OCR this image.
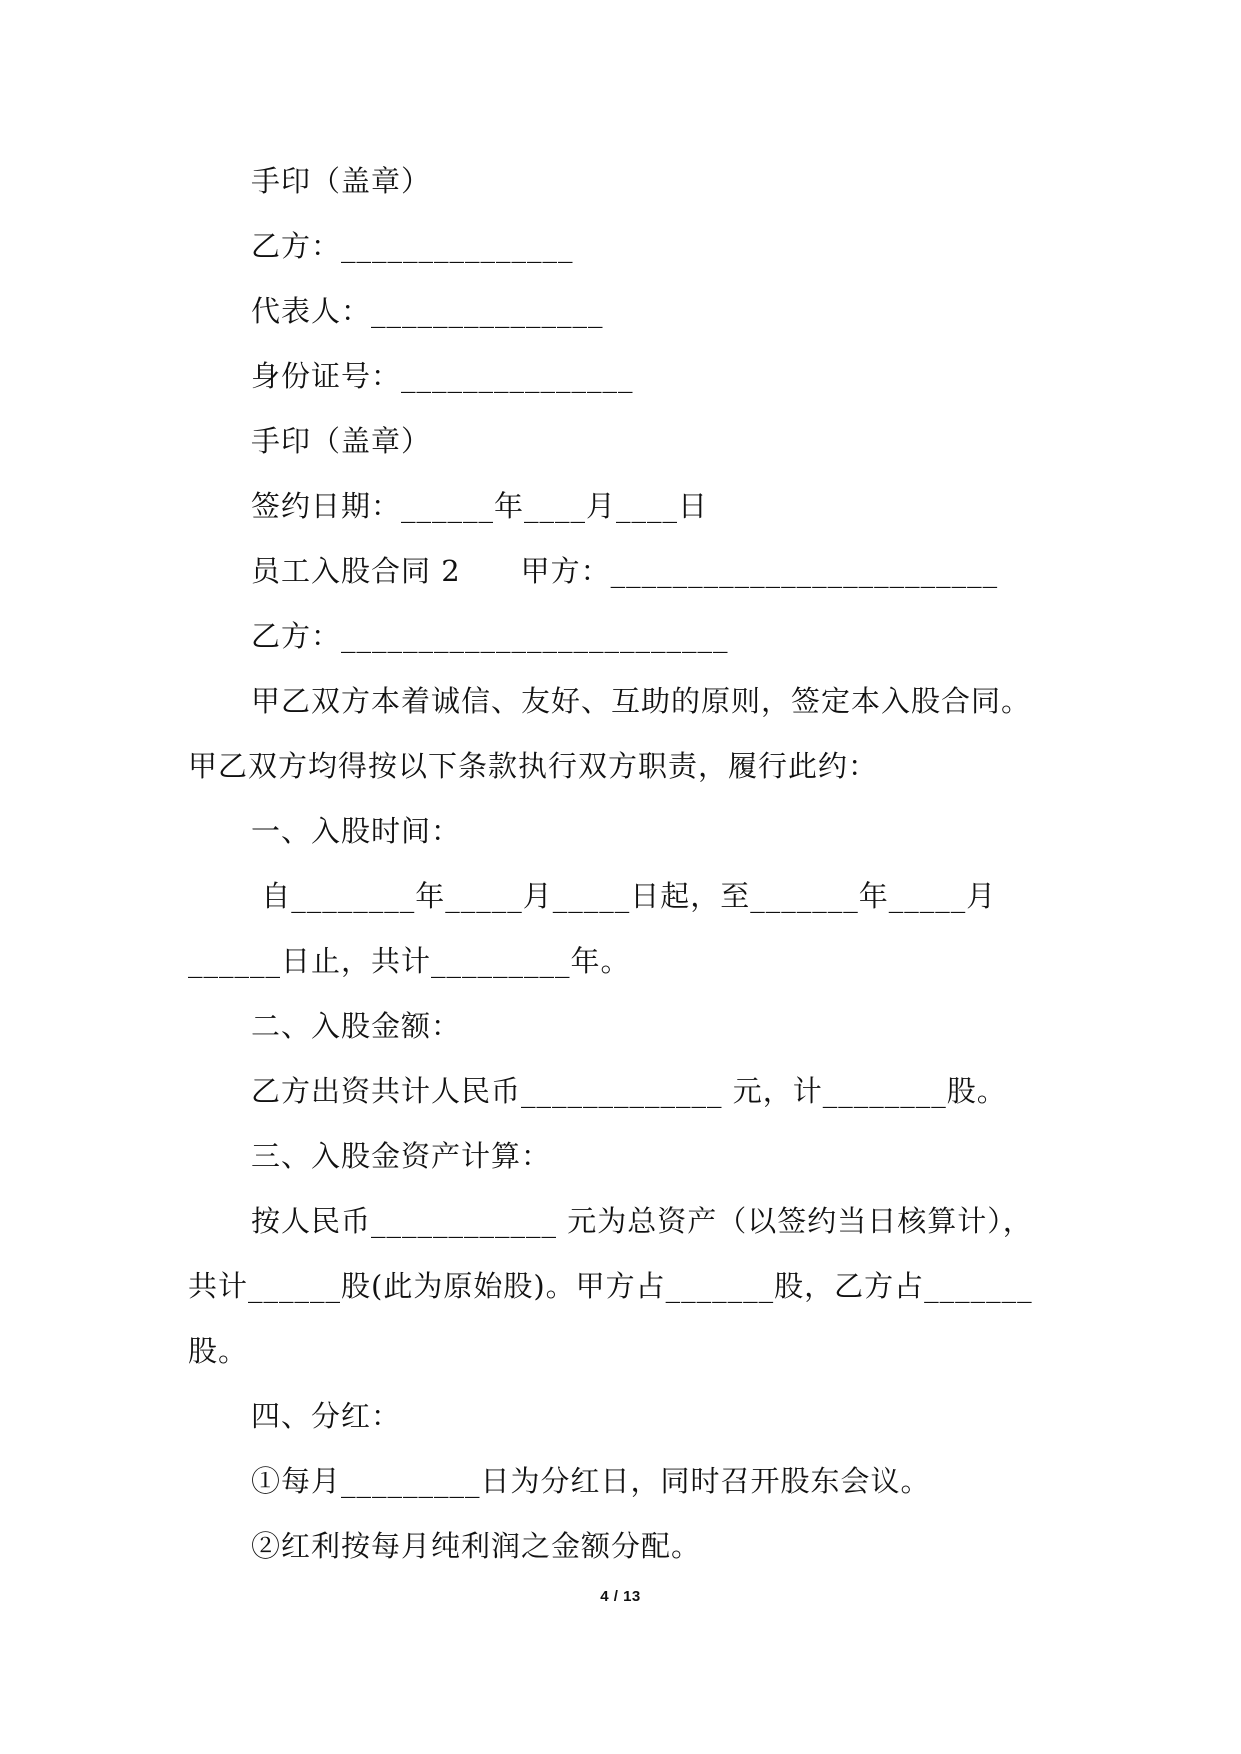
手印（盖章）
乙方：_______________
代表人：_______________
身份证号：_______________
手印（盖章）
签约日期：______年____月____日
员工入股合同 2　　甲方：_________________________
乙方：_________________________
甲乙双方本着诚信、友好、互助的原则，签定本入股合同。
甲乙双方均得按以下条款执行双方职责，履行此约：
一、入股时间：
自________年_____月_____日起，至_______年_____月
______日止，共计_________年。
二、入股金额：
乙方出资共计人民币_____________ 元，计________股。
三、入股金资产计算：
按人民币____________ 元为总资产（以签约当日核算计），
共计______股(此为原始股)。甲方占_______股，乙方占_______
股。
四、分红：
①每月_________日为分红日，同时召开股东会议。
②红利按每月纯利润之金额分配。
4 / 13
